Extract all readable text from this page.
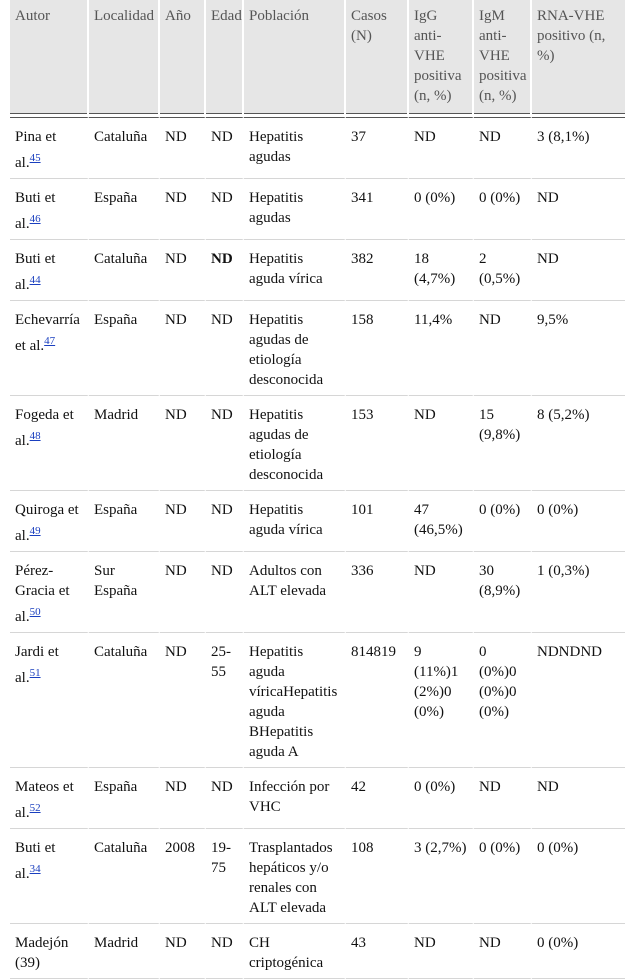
Autor	Localidad	Año	Edad	Población	Casos (N)	IgG anti-VHE positiva (n, %)	IgM anti-VHE positiva (n, %)	RNA-VHE positivo (n, %)
Pina et al.$^{45}$	Cataluña	ND	ND	Hepatitis agudas	37	ND	ND	3 (8,1%)
Buti et al.$^{46}$	España	ND	ND	Hepatitis agudas	341	0 (0%)	0 (0%)	ND
Buti et al.$^{44}$	Cataluña	ND	ND	Hepatitis aguda vírica	382	18 (4,7%)	2 (0,5%)	ND
Echevarría et al.$^{47}$	España	ND	ND	Hepatitis agudas de etiología desconocida	158	11,4%	ND	9,5%
Fogeda et al.$^{48}$	Madrid	ND	ND	Hepatitis agudas de etiología desconocida	153	ND	15 (9,8%)	8 (5,2%)
Quiroga et al.$^{49}$	España	ND	ND	Hepatitis aguda vírica	101	47 (46,5%)	0 (0%)	0 (0%)
Pérez-Gracia et al.$^{50}$	Sur España	ND	ND	Adultos con ALT elevada	336	ND	30 (8,9%)	1 (0,3%)
Jardi et al.$^{51}$	Cataluña	ND	25-55	Hepatitis aguda víricaHepatitis aguda BHepatitis aguda A	814819	9 (11%)1 (2%)0 (0%)	0 (0%)0 (0%)0 (0%)	NDNDND
Mateos et al.$^{52}$	España	ND	ND	Infección por VHC	42	0 (0%)	ND	ND
Buti et al.$^{34}$	Cataluña	2008	19-75	Trasplantados hepáticos y/o renales con ALT elevada	108	3 (2,7%)	0 (0%)	0 (0%)
Madejón (39)	Madrid	ND	ND	CH criptogénica	43	ND	ND	0 (0%)
